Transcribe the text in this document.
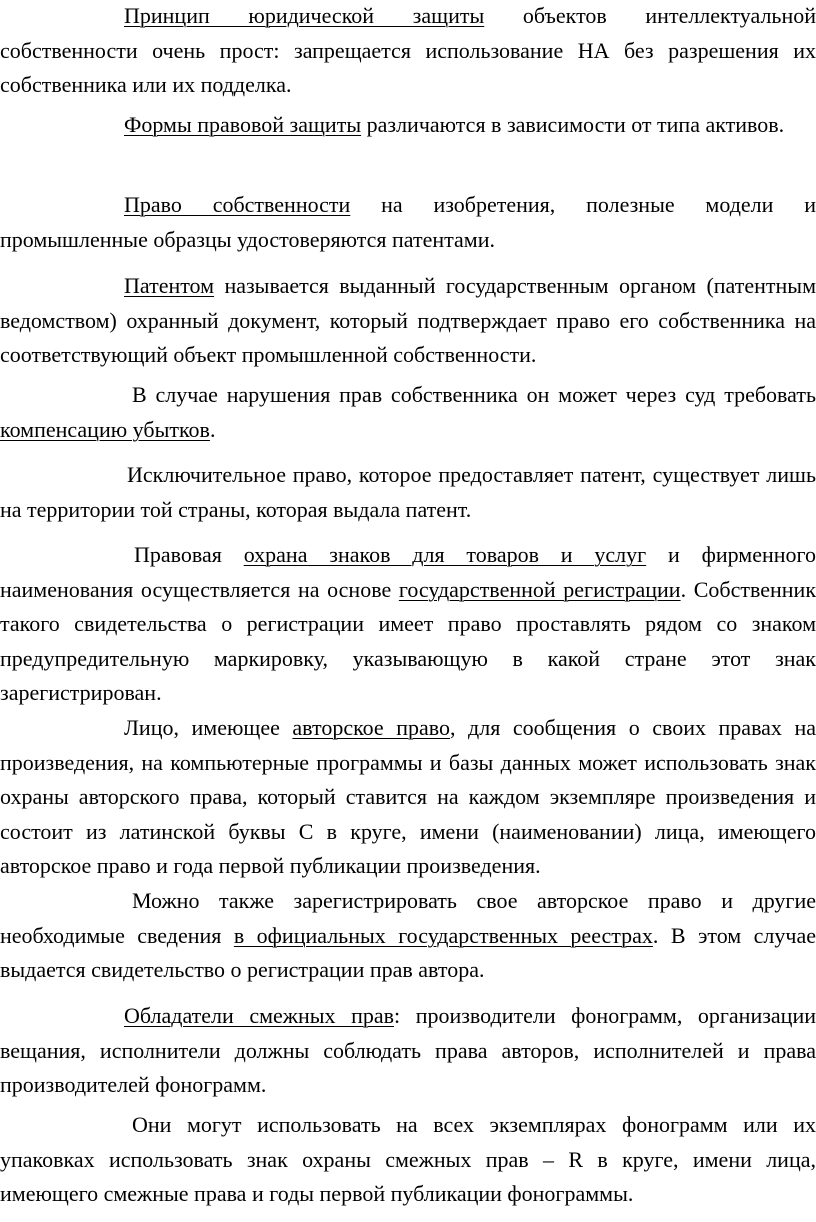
Принцип юридической защиты объектов интеллектуальной собственности очень прост: запрещается использование НА без разрешения их собственника или их подделка.

Формы правовой защиты различаются в зависимости от типа активов.

Право собственности на изобретения, полезные модели и промышленные образцы удостоверяются патентами.

Патентом называется выданный государственным органом (патентным ведомством) охранный документ, который подтверждает право его собственника на соответствующий объект промышленной собственности.

В случае нарушения прав собственника он может через суд требовать компенсацию убытков.

Исключительное право, которое предоставляет патент, существует лишь на территории той страны, которая выдала патент.

Правовая охрана знаков для товаров и услуг и фирменного наименования осуществляется на основе государственной регистрации. Собственник такого свидетельства о регистрации имеет право проставлять рядом со знаком предупредительную маркировку, указывающую в какой стране этот знак зарегистрирован.

Лицо, имеющее авторское право, для сообщения о своих правах на произведения, на компьютерные программы и базы данных может использовать знак охраны авторского права, который ставится на каждом экземпляре произведения и состоит из латинской буквы С в круге, имени (наименовании) лица, имеющего авторское право и года первой публикации произведения.

Можно также зарегистрировать свое авторское право и другие необходимые сведения в официальных государственных реестрах. В этом случае выдается свидетельство о регистрации прав автора.

Обладатели смежных прав: производители фонограмм, организации вещания, исполнители должны соблюдать права авторов, исполнителей и права производителей фонограмм.

Они могут использовать на всех экземплярах фонограмм или их упаковках использовать знак охраны смежных прав – R в круге, имени лица, имеющего смежные права и годы первой публикации фонограммы.
